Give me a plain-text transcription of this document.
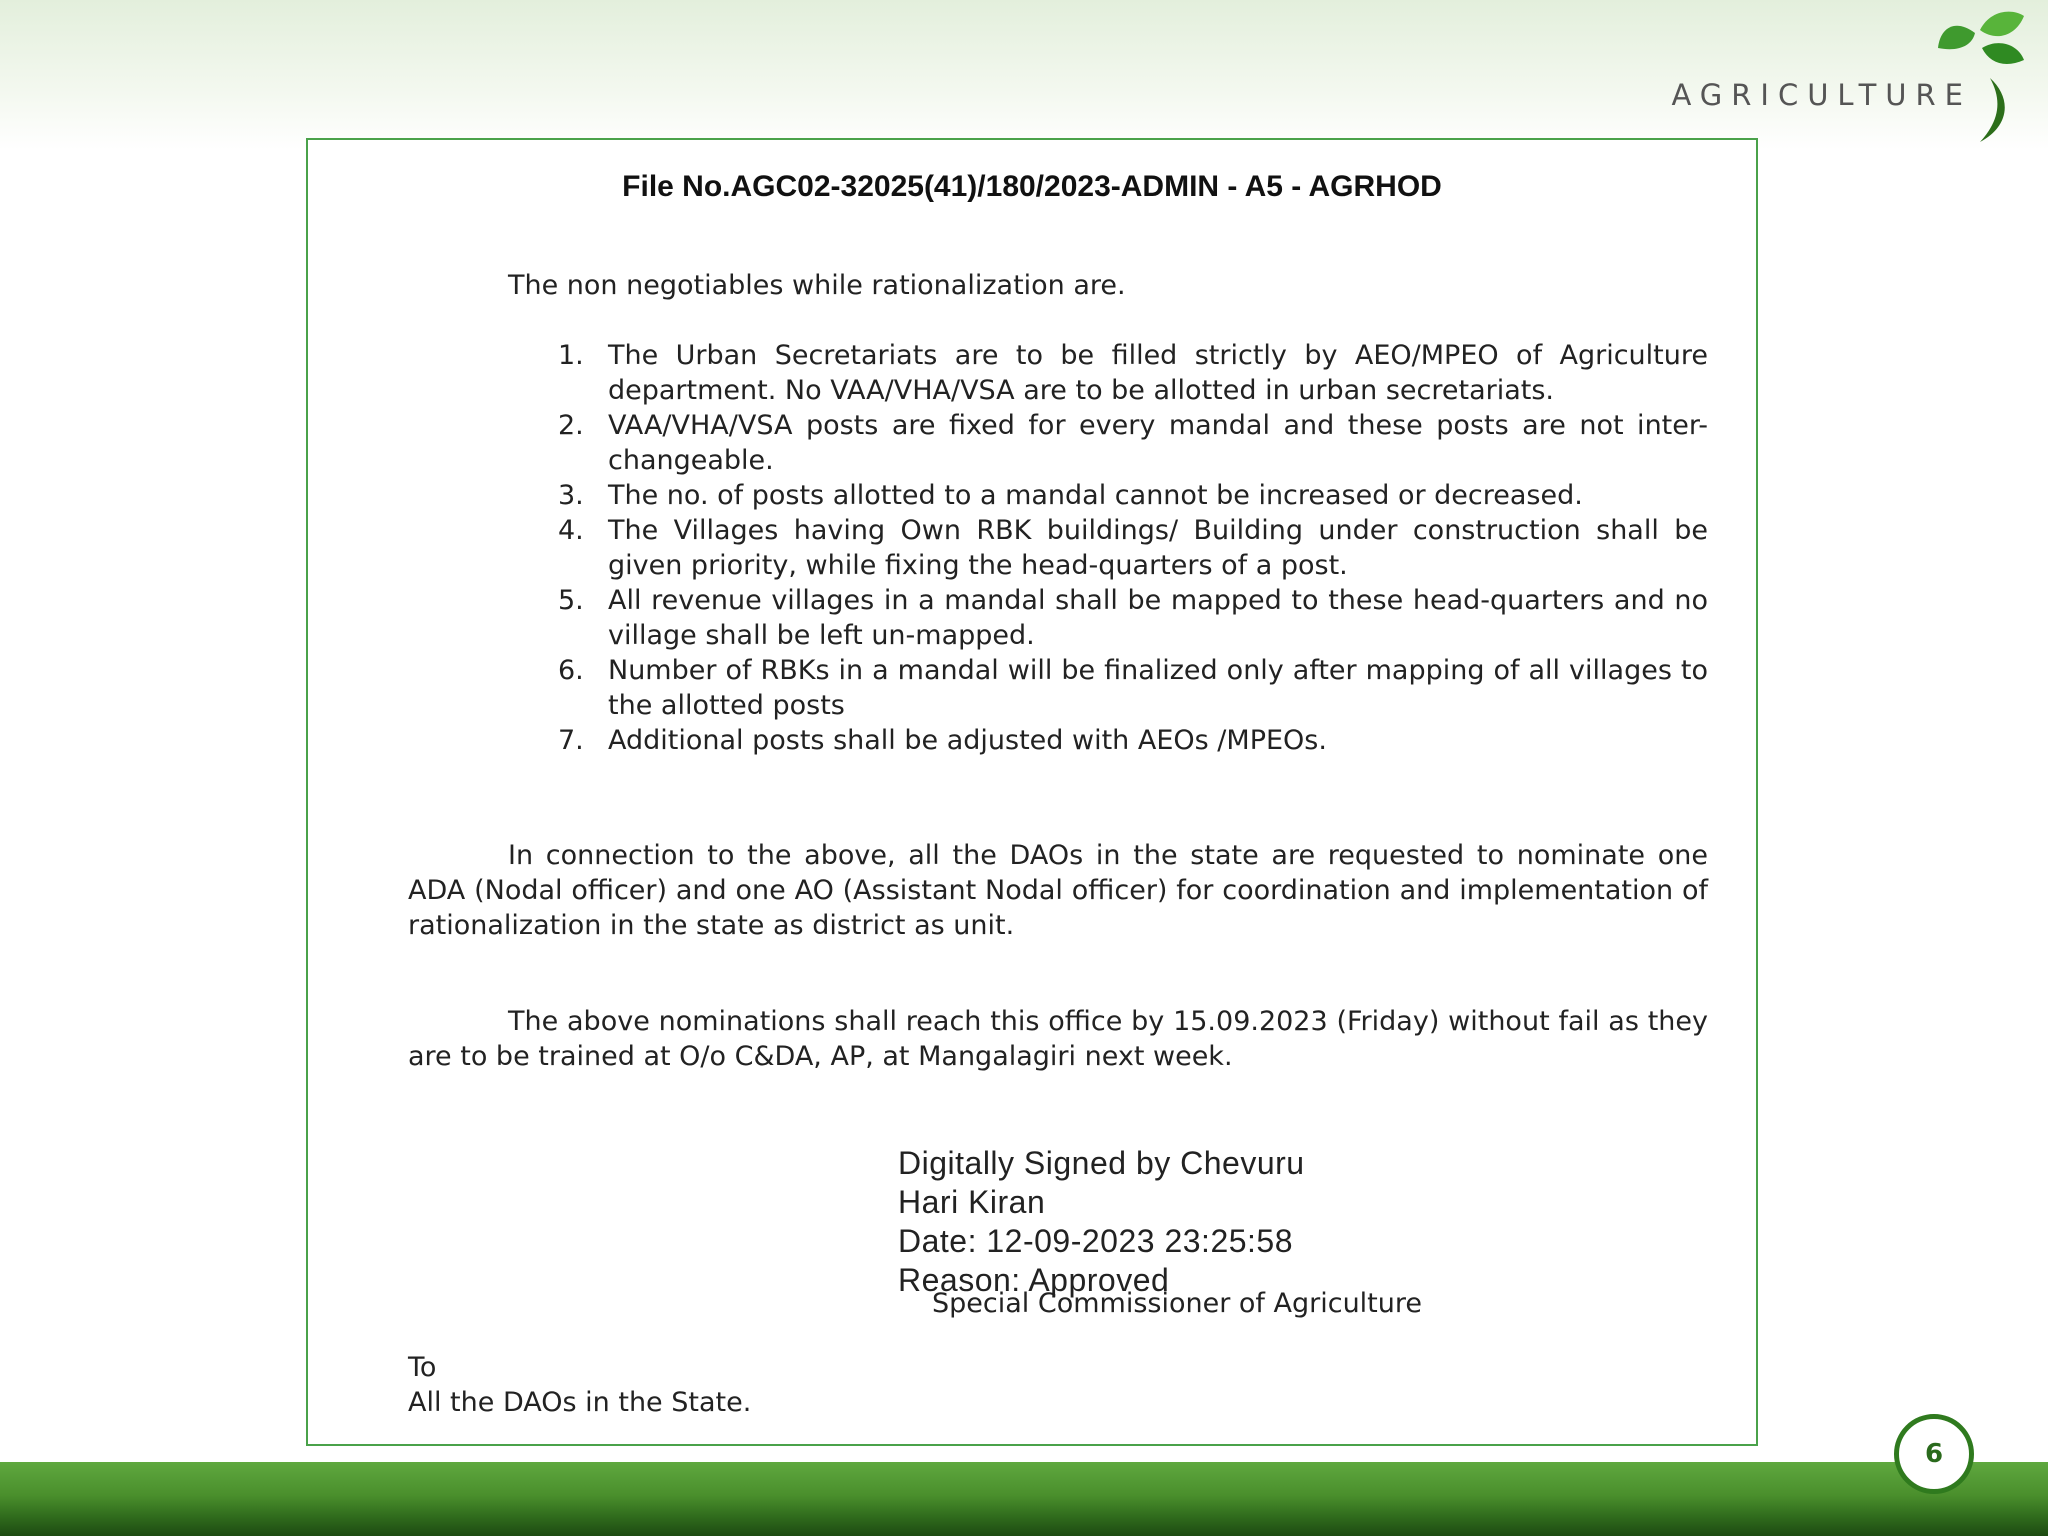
AGRICULTURE
File No.AGC02-32025(41)/180/2023-ADMIN - A5 - AGRHOD
The non negotiables while rationalization are.
1. The Urban Secretariats are to be filled strictly by AEO/MPEO of Agriculture department. No VAA/VHA/VSA are to be allotted in urban secretariats.
2. VAA/VHA/VSA posts are fixed for every mandal and these posts are not inter-changeable.
3. The no. of posts allotted to a mandal cannot be increased or decreased.
4. The Villages having Own RBK buildings/ Building under construction shall be given priority, while fixing the head-quarters of a post.
5. All revenue villages in a mandal shall be mapped to these head-quarters and no village shall be left un-mapped.
6. Number of RBKs in a mandal will be finalized only after mapping of all villages to the allotted posts
7. Additional posts shall be adjusted with AEOs /MPEOs.

In connection to the above, all the DAOs in the state are requested to nominate one ADA (Nodal officer) and one AO (Assistant Nodal officer) for coordination and implementation of rationalization in the state as district as unit.

The above nominations shall reach this office by 15.09.2023 (Friday) without fail as they are to be trained at O/o C&DA, AP, at Mangalagiri next week.

Digitally Signed by Chevuru
Hari Kiran
Date: 12-09-2023 23:25:58
Reason: Approved
Special Commissioner of Agriculture
To
All the DAOs in the State.
6
